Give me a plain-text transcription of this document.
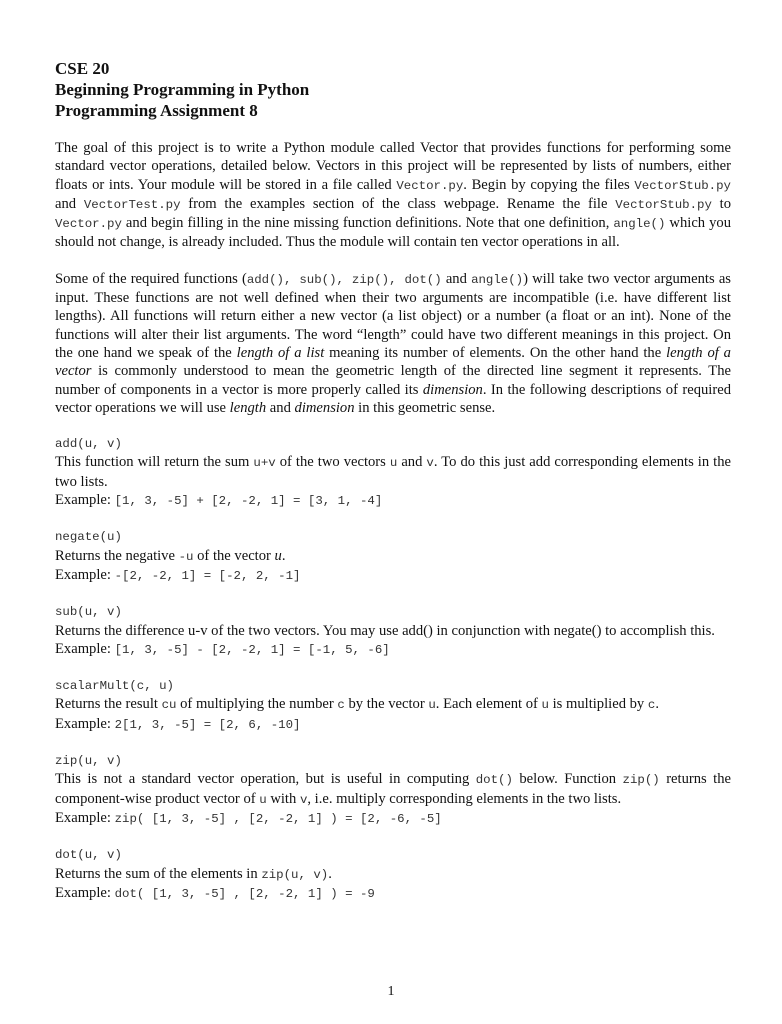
CSE 20
Beginning Programming in Python
Programming Assignment 8

The goal of this project is to write a Python module called Vector that provides functions for performing some standard vector operations, detailed below. Vectors in this project will be represented by lists of numbers, either floats or ints. Your module will be stored in a file called Vector.py. Begin by copying the files VectorStub.py and VectorTest.py from the examples section of the class webpage. Rename the file VectorStub.py to Vector.py and begin filling in the nine missing function definitions. Note that one definition, angle() which you should not change, is already included. Thus the module will contain ten vector operations in all.

Some of the required functions (add(), sub(), zip(), dot() and angle()) will take two vector arguments as input. These functions are not well defined when their two arguments are incompatible (i.e. have different list lengths). All functions will return either a new vector (a list object) or a number (a float or an int). None of the functions will alter their list arguments. The word “length” could have two different meanings in this project. On the one hand we speak of the length of a list meaning its number of elements. On the other hand the length of a vector is commonly understood to mean the geometric length of the directed line segment it represents. The number of components in a vector is more properly called its dimension. In the following descriptions of required vector operations we will use length and dimension in this geometric sense.

add(u, v)

This function will return the sum u+v of the two vectors u and v. To do this just add corresponding elements in the two lists.

Example: [1, 3, -5] + [2, -2, 1] = [3, 1, -4]
negate(u)

Returns the negative -u of the vector u.

Example: -[2, -2, 1] = [-2, 2, -1]
sub(u, v)

Returns the difference u-v of the two vectors. You may use add() in conjunction with negate() to accomplish this.

Example: [1, 3, -5] - [2, -2, 1] = [-1, 5, -6]
scalarMult(c, u)

Returns the result cu of multiplying the number c by the vector u. Each element of u is multiplied by c.

Example: 2[1, 3, -5] = [2, 6, -10]
zip(u, v)

This is not a standard vector operation, but is useful in computing dot() below. Function zip() returns the component-wise product vector of u with v, i.e. multiply corresponding elements in the two lists.

Example: zip( [1, 3, -5] , [2, -2, 1] ) = [2, -6, -5]
dot(u, v)

Returns the sum of the elements in zip(u, v).

Example: dot( [1, 3, -5] , [2, -2, 1] ) = -9
1
